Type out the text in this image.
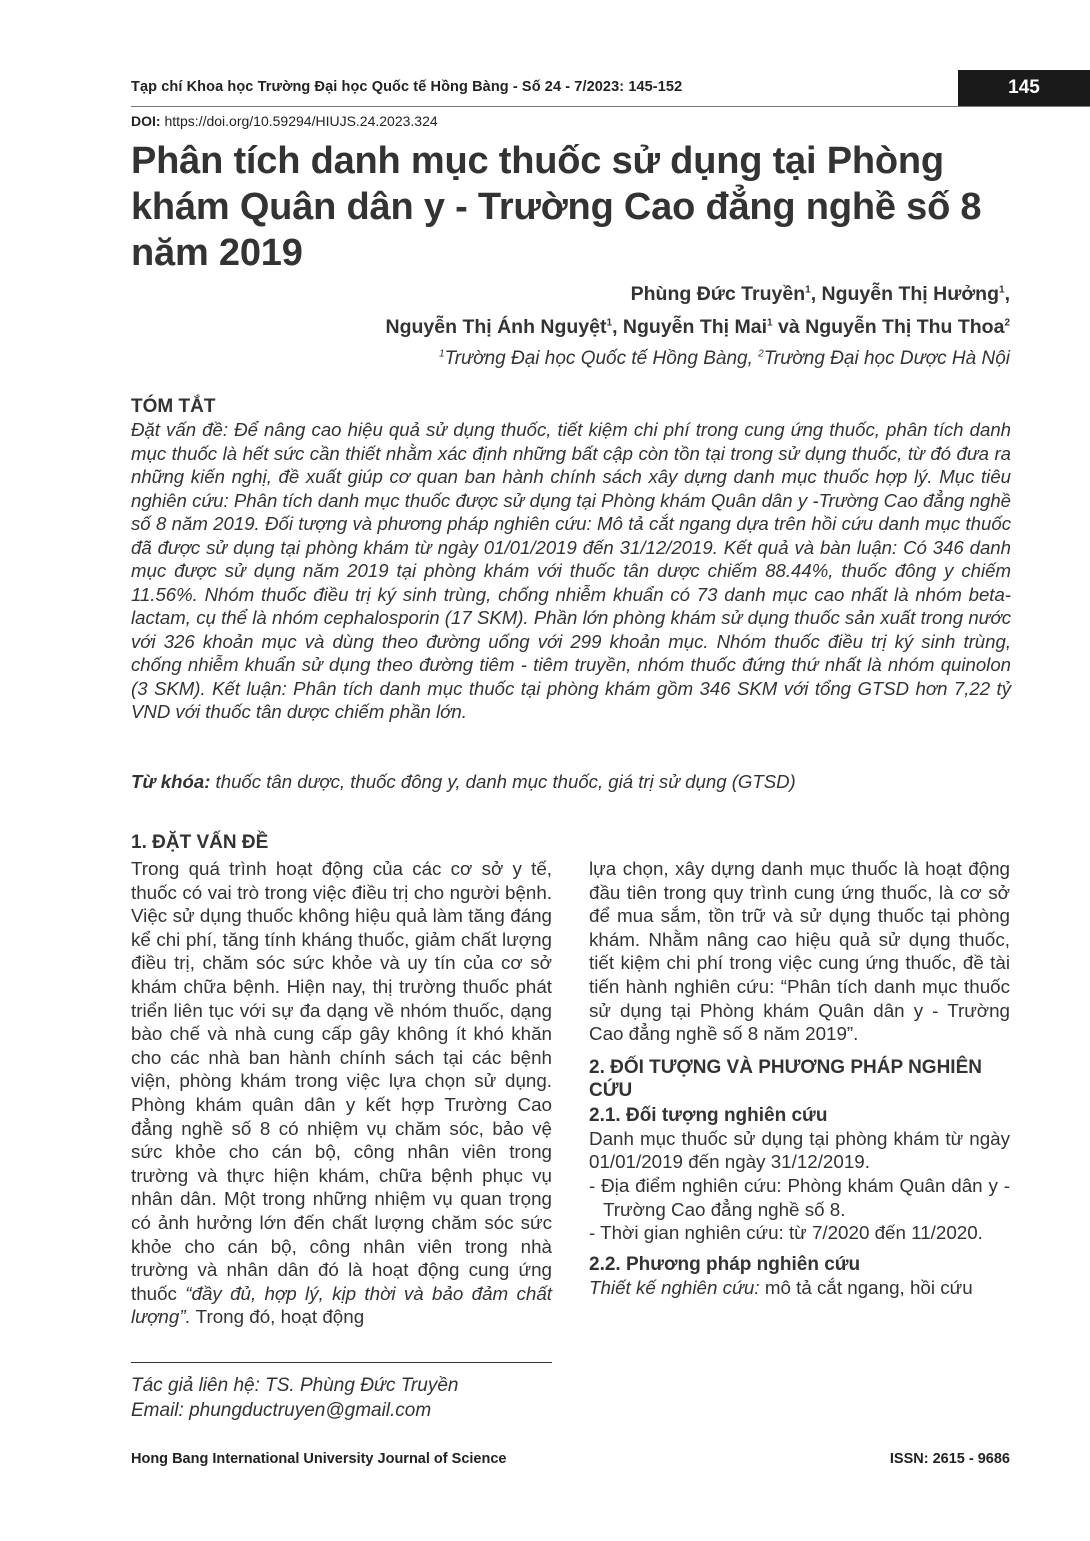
Tạp chí Khoa học Trường Đại học Quốc tế Hồng Bàng - Số 24 - 7/2023: 145-152	145
DOI: https://doi.org/10.59294/HIUJS.24.2023.324
Phân tích danh mục thuốc sử dụng tại Phòng khám Quân dân y - Trường Cao đẳng nghề số 8 năm 2019
Phùng Đức Truyền$^1$, Nguyễn Thị Hưởng$^1$,
Nguyễn Thị Ánh Nguyệt$^1$, Nguyễn Thị Mai$^1$ và Nguyễn Thị Thu Thoa$^2$
$^1$Trường Đại học Quốc tế Hồng Bàng, $^2$Trường Đại học Dược Hà Nội
TÓM TẮT
Đặt vấn đề: Để nâng cao hiệu quả sử dụng thuốc, tiết kiệm chi phí trong cung ứng thuốc, phân tích danh mục thuốc là hết sức cần thiết nhằm xác định những bất cập còn tồn tại trong sử dụng thuốc, từ đó đưa ra những kiến nghị, đề xuất giúp cơ quan ban hành chính sách xây dựng danh mục thuốc hợp lý. Mục tiêu nghiên cứu: Phân tích danh mục thuốc được sử dụng tại Phòng khám Quân dân y -Trường Cao đẳng nghề số 8 năm 2019. Đối tượng và phương pháp nghiên cứu: Mô tả cắt ngang dựa trên hồi cứu danh mục thuốc đã được sử dụng tại phòng khám từ ngày 01/01/2019 đến 31/12/2019. Kết quả và bàn luận: Có 346 danh mục được sử dụng năm 2019 tại phòng khám với thuốc tân dược chiếm 88.44%, thuốc đông y chiếm 11.56%. Nhóm thuốc điều trị ký sinh trùng, chống nhiễm khuẩn có 73 danh mục cao nhất là nhóm beta-lactam, cụ thể là nhóm cephalosporin (17 SKM). Phần lớn phòng khám sử dụng thuốc sản xuất trong nước với 326 khoản mục và dùng theo đường uống với 299 khoản mục. Nhóm thuốc điều trị ký sinh trùng, chống nhiễm khuẩn sử dụng theo đường tiêm - tiêm truyền, nhóm thuốc đứng thứ nhất là nhóm quinolon (3 SKM). Kết luận: Phân tích danh mục thuốc tại phòng khám gồm 346 SKM với tổng GTSD hơn 7,22 tỷ VND với thuốc tân dược chiếm phần lớn.
Từ khóa: thuốc tân dược, thuốc đông y, danh mục thuốc, giá trị sử dụng (GTSD)
1. ĐẶT VẤN ĐỀ

Trong quá trình hoạt động của các cơ sở y tế, thuốc có vai trò trong việc điều trị cho người bệnh. Việc sử dụng thuốc không hiệu quả làm tăng đáng kể chi phí, tăng tính kháng thuốc, giảm chất lượng điều trị, chăm sóc sức khỏe và uy tín của cơ sở khám chữa bệnh. Hiện nay, thị trường thuốc phát triển liên tục với sự đa dạng về nhóm thuốc, dạng bào chế và nhà cung cấp gây không ít khó khăn cho các nhà ban hành chính sách tại các bệnh viện, phòng khám trong việc lựa chọn sử dụng. Phòng khám quân dân y kết hợp Trường Cao đẳng nghề số 8 có nhiệm vụ chăm sóc, bảo vệ sức khỏe cho cán bộ, công nhân viên trong trường và thực hiện khám, chữa bệnh phục vụ nhân dân. Một trong những nhiệm vụ quan trọng có ảnh hưởng lớn đến chất lượng chăm sóc sức khỏe cho cán bộ, công nhân viên trong nhà trường và nhân dân đó là hoạt động cung ứng thuốc “đầy đủ, hợp lý, kịp thời và bảo đảm chất lượng”. Trong đó, hoạt động

lựa chọn, xây dựng danh mục thuốc là hoạt động đầu tiên trong quy trình cung ứng thuốc, là cơ sở để mua sắm, tồn trữ và sử dụng thuốc tại phòng khám. Nhằm nâng cao hiệu quả sử dụng thuốc, tiết kiệm chi phí trong việc cung ứng thuốc, đề tài tiến hành nghiên cứu: “Phân tích danh mục thuốc sử dụng tại Phòng khám Quân dân y - Trường Cao đẳng nghề số 8 năm 2019”.

2. ĐỐI TƯỢNG VÀ PHƯƠNG PHÁP NGHIÊN CỨU

2.1. Đối tượng nghiên cứu

Danh mục thuốc sử dụng tại phòng khám từ ngày 01/01/2019 đến ngày 31/12/2019.

- Địa điểm nghiên cứu: Phòng khám Quân dân y - Trường Cao đẳng nghề số 8.

- Thời gian nghiên cứu: từ 7/2020 đến 11/2020.

2.2. Phương pháp nghiên cứu

Thiết kế nghiên cứu: mô tả cắt ngang, hồi cứu

Tác giả liên hệ: TS. Phùng Đức Truyền
Email: phungductruyen@gmail.com
Hong Bang International University Journal of Science	ISSN: 2615 - 9686
